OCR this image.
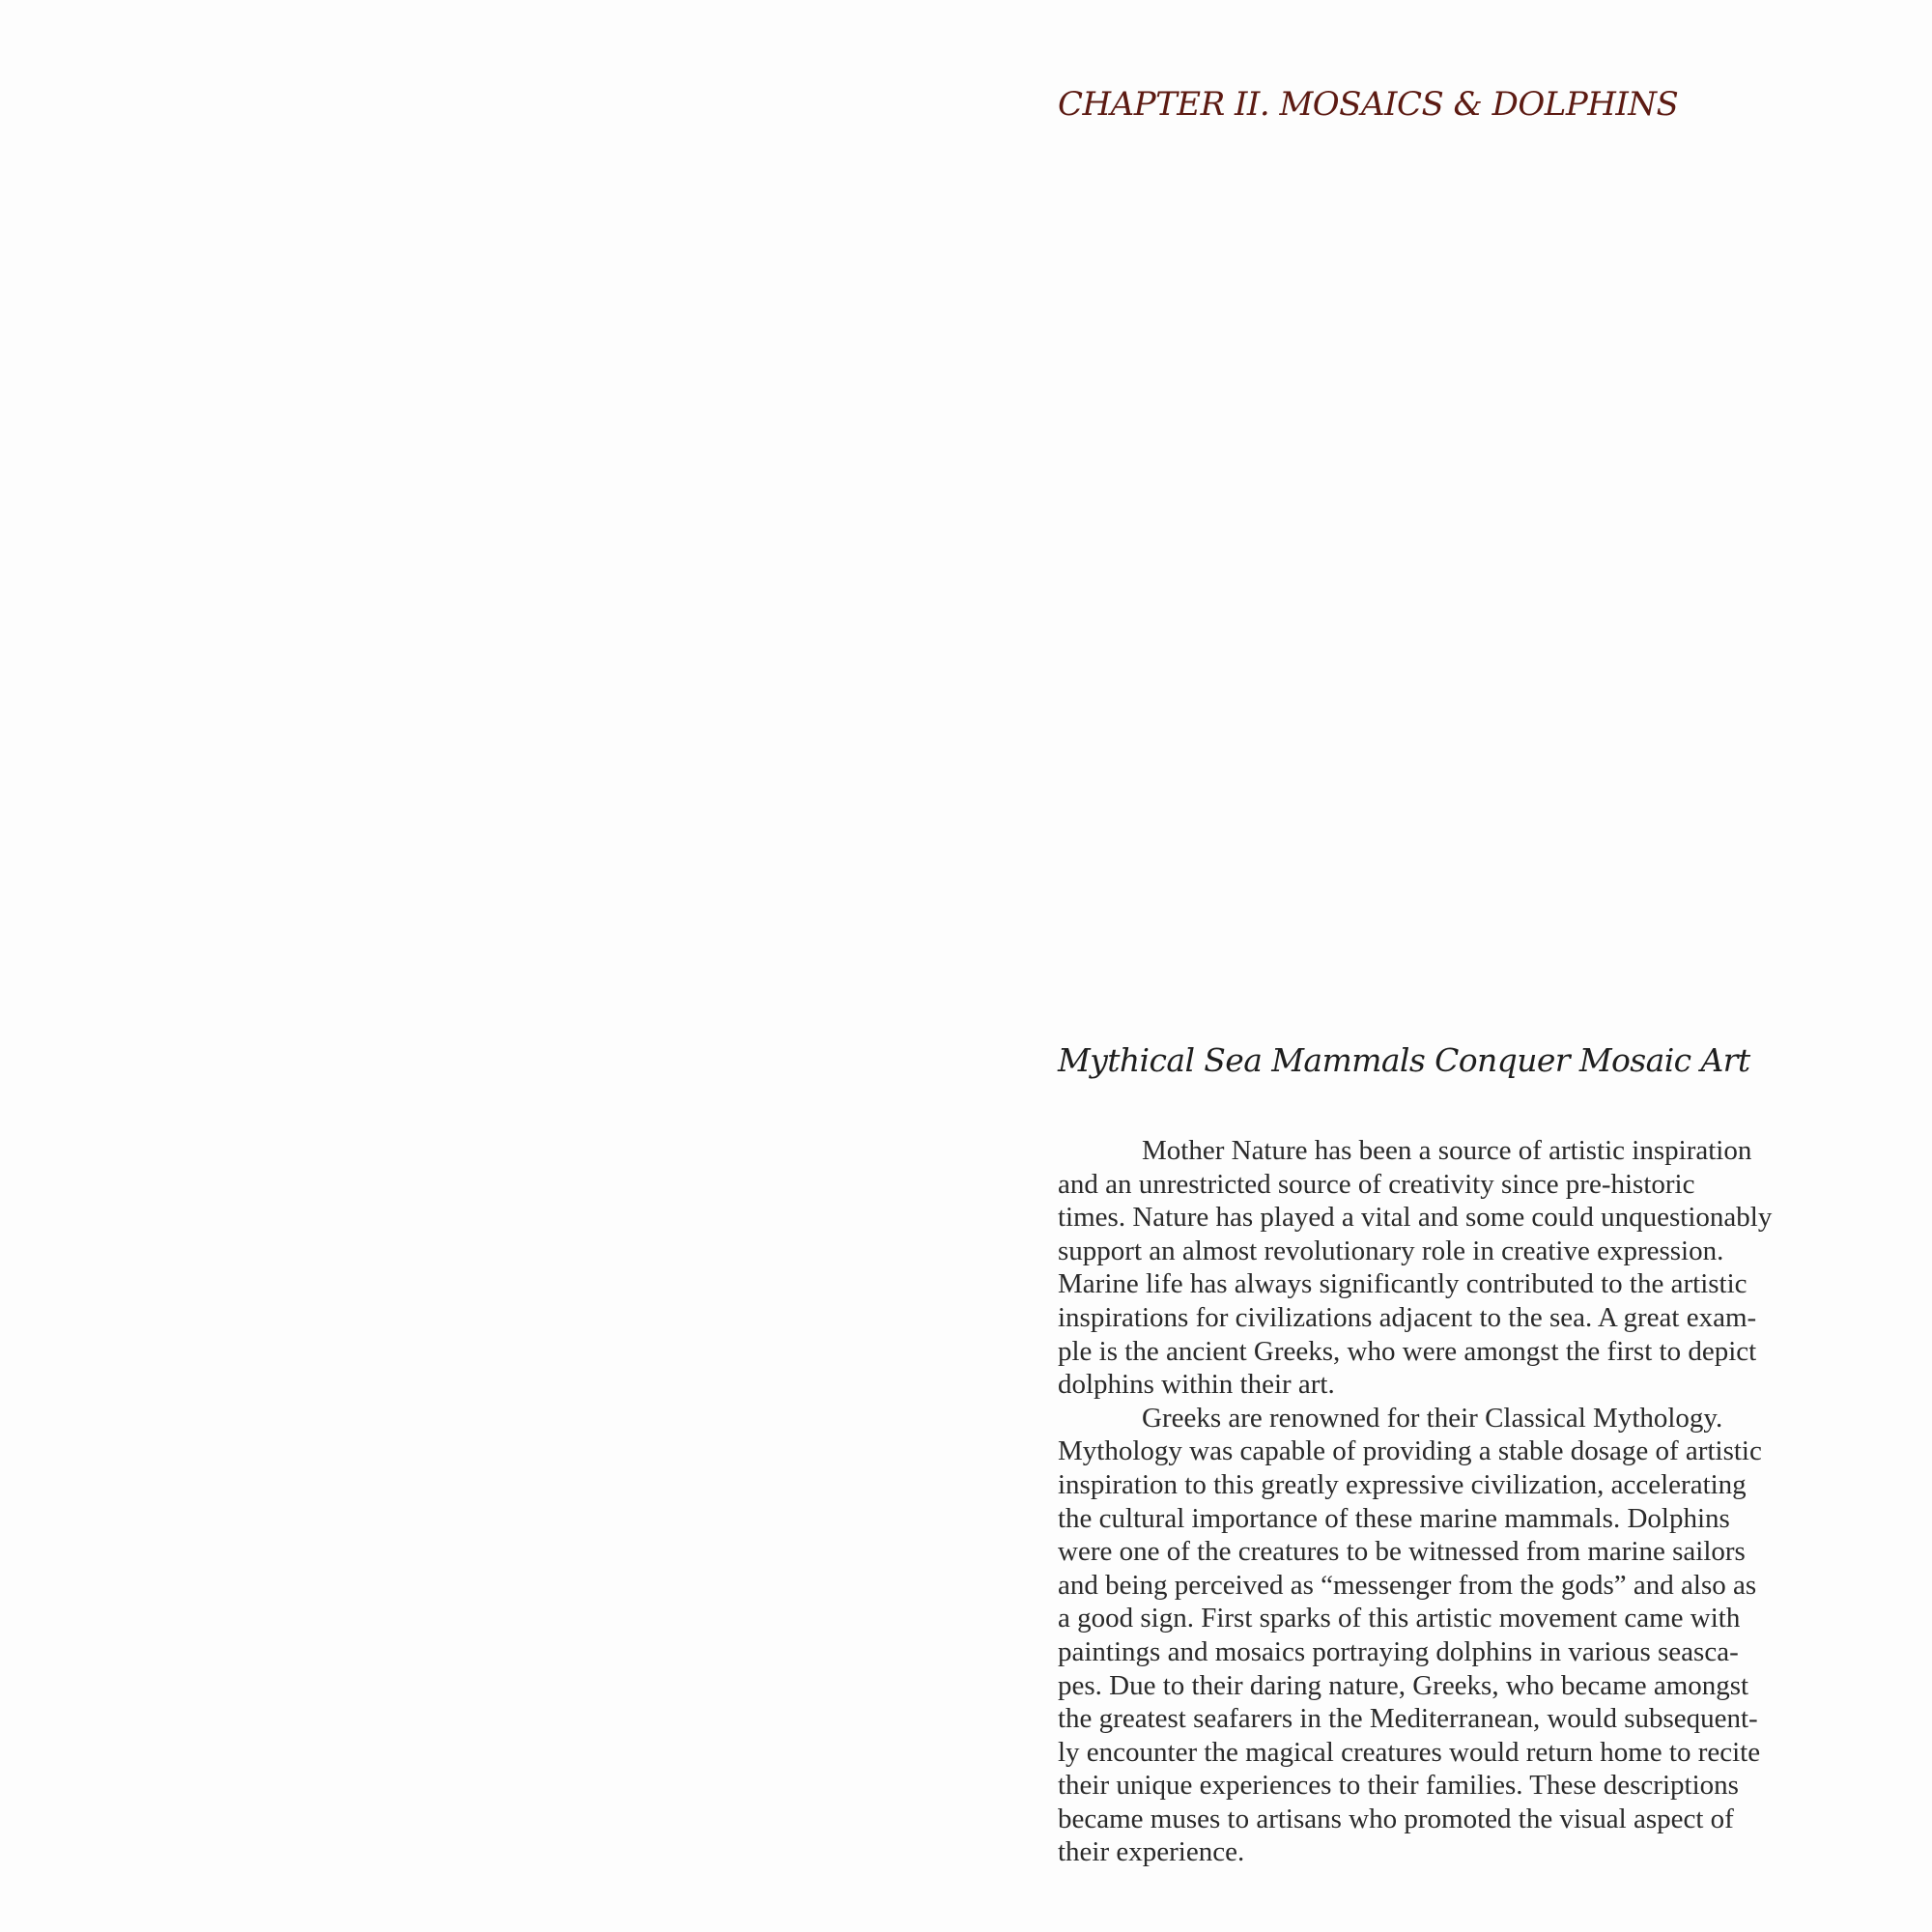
CHAPTER II. MOSAICS & DOLPHINS
Mythical Sea Mammals Conquer Mosaic Art
Mother Nature has been a source of artistic inspiration
and an unrestricted source of creativity since pre-historic
times. Nature has played a vital and some could unquestionably
support an almost revolutionary role in creative expression.
Marine life has always significantly contributed to the artistic
inspirations for civilizations adjacent to the sea. A great exam-
ple is the ancient Greeks, who were amongst the first to depict
dolphins within their art.
Greeks are renowned for their Classical Mythology.
Mythology was capable of providing a stable dosage of artistic
inspiration to this greatly expressive civilization, accelerating
the cultural importance of these marine mammals. Dolphins
were one of the creatures to be witnessed from marine sailors
and being perceived as “messenger from the gods” and also as
a good sign. First sparks of this artistic movement came with
paintings and mosaics portraying dolphins in various seasca-
pes. Due to their daring nature, Greeks, who became amongst
the greatest seafarers in the Mediterranean, would subsequent-
ly encounter the magical creatures would return home to recite
their unique experiences to their families. These descriptions
became muses to artisans who promoted the visual aspect of
their experience.
